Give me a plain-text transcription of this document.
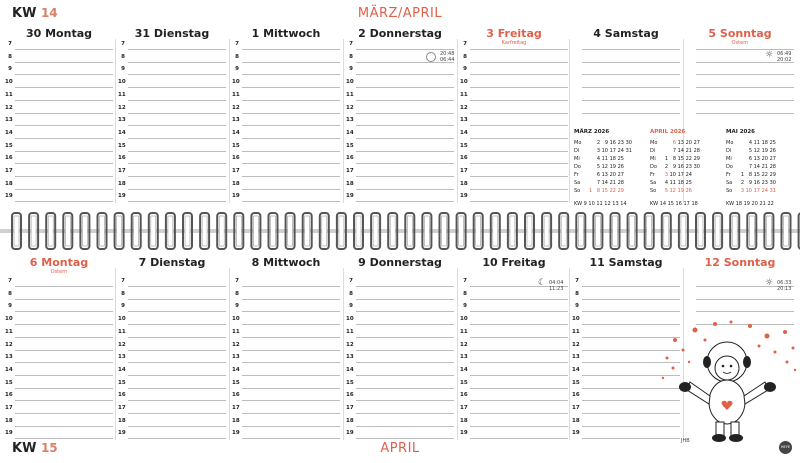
KW 14	MÄRZ/APRIL
KW 15	APRIL
30 Montag
7
8
9
10
11
12
13
14
15
16
17
18
19
31 Dienstag
7
8
9
10
11
12
13
14
15
16
17
18
19
1 Mittwoch
7
8
9
10
11
12
13
14
15
16
17
18
19
2 Donnerstag
7
8
9
10
11
12
13
14
15
16
17
18
19
3 Freitag
Karfreitag
7
8
9
10
11
12
13
14
15
16
17
18
19
4 Samstag	5 Sonntag
Ostern
6 Montag
Ostern
7
8
9
10
11
12
13
14
15
16
17
18
19
7 Dienstag
7
8
9
10
11
12
13
14
15
16
17
18
19
8 Mittwoch
7
8
9
10
11
12
13
14
15
16
17
18
19
9 Donnerstag
7
8
9
10
11
12
13
14
15
16
17
18
19
10 Freitag
7
8
9
10
11
12
13
14
15
16
17
18
19
11 Samstag
7
8
9
10
11
12
13
14
15
16
17
18
19
12 Sonntag
20:48
06:44	☼ 06:49
20:02
☾ 04:04
11:23
☼ 06:33
20:13
MÄRZ 2026
Mo		2	9	16	23	30
Di		3	10	17	24	31
Mi		4	11	18	25	
Do		5	12	19	26	
Fr		6	13	20	27	
Sa		7	14	21	28	
So	1	8	15	22	29	
KW 9 10 11 12 13 14
APRIL 2026
Mo		6	13	20	27
Di		7	14	21	28
Mi	1	8	15	22	29
Do	2	9	16	23	30
Fr	3	10	17	24	
Sa	4	11	18	25	
So	5	12	19	26	
KW 14 15 16 17 18
MAI 2026
Mo		4	11	18	25
Di		5	12	19	26
Mi		6	13	20	27
Do		7	14	21	28
Fr	1	8	15	22	29
Sa	2	9	16	23	30
So	3	10	17	24	31
KW 18 19 20 21 22
JHB
HEYE
